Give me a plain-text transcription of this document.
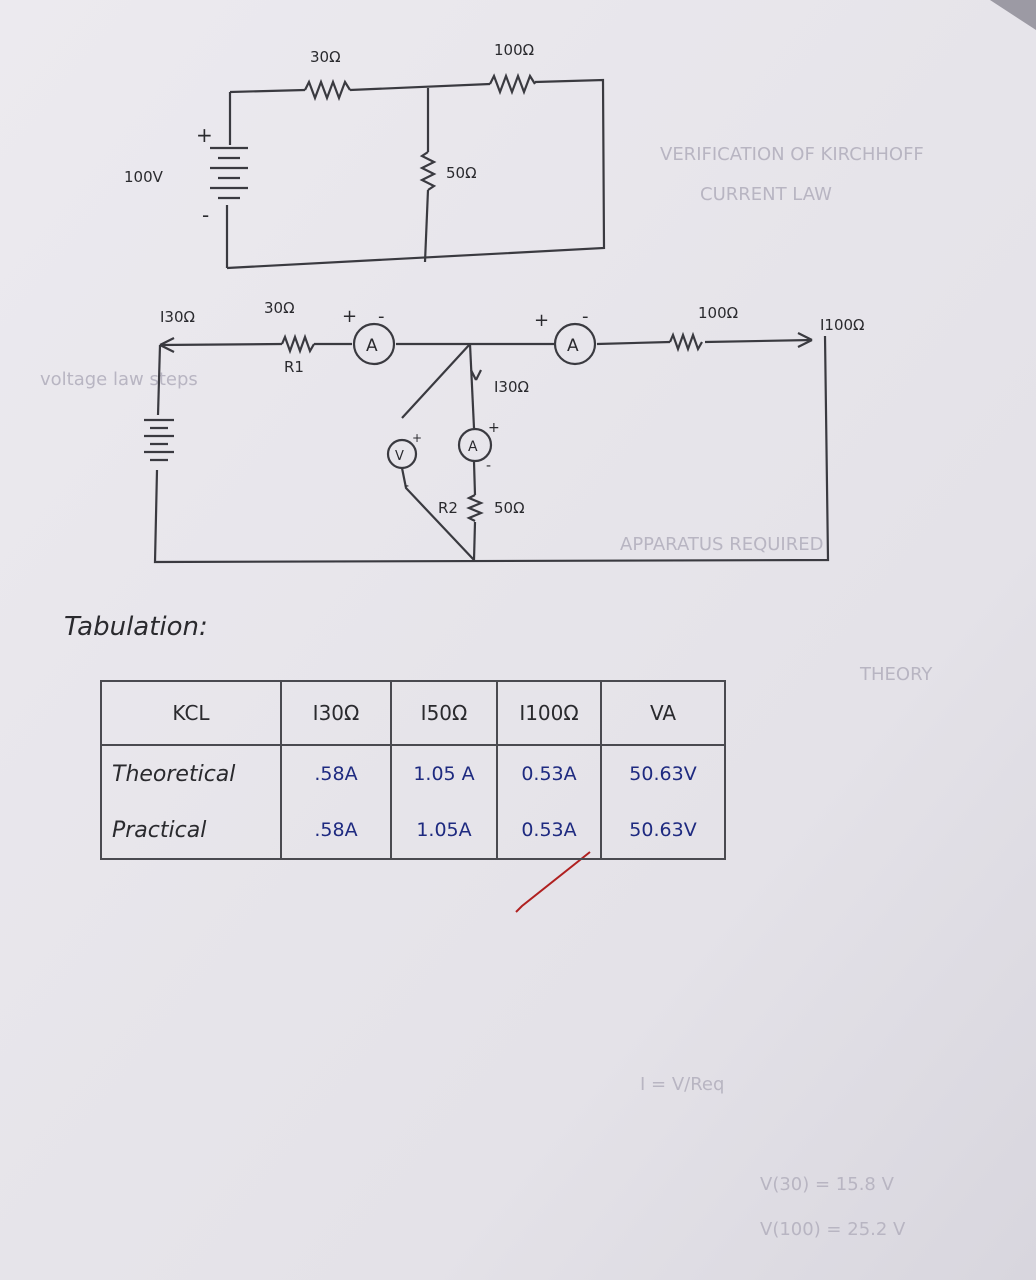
VERIFICATION OF KIRCHHOFF
CURRENT LAW
voltage law steps
APPARATUS REQUIRED
THEORY
I = V/Req
V(30) = 15.8 V
V(100) = 25.2 V
30Ω	100Ω
50Ω
100V
+
-
I30Ω	30Ω
R1
A	A
A
V
I30Ω
R2 50Ω
100Ω
I100Ω
+ -	+ -
+
-
+
-
Tabulation:
KCL	I30Ω	I50Ω	I100Ω	VA
Theoretical	.58A	1.05 A	0.53A	50.63V
Practical	.58A	1.05A	0.53A	50.63V
